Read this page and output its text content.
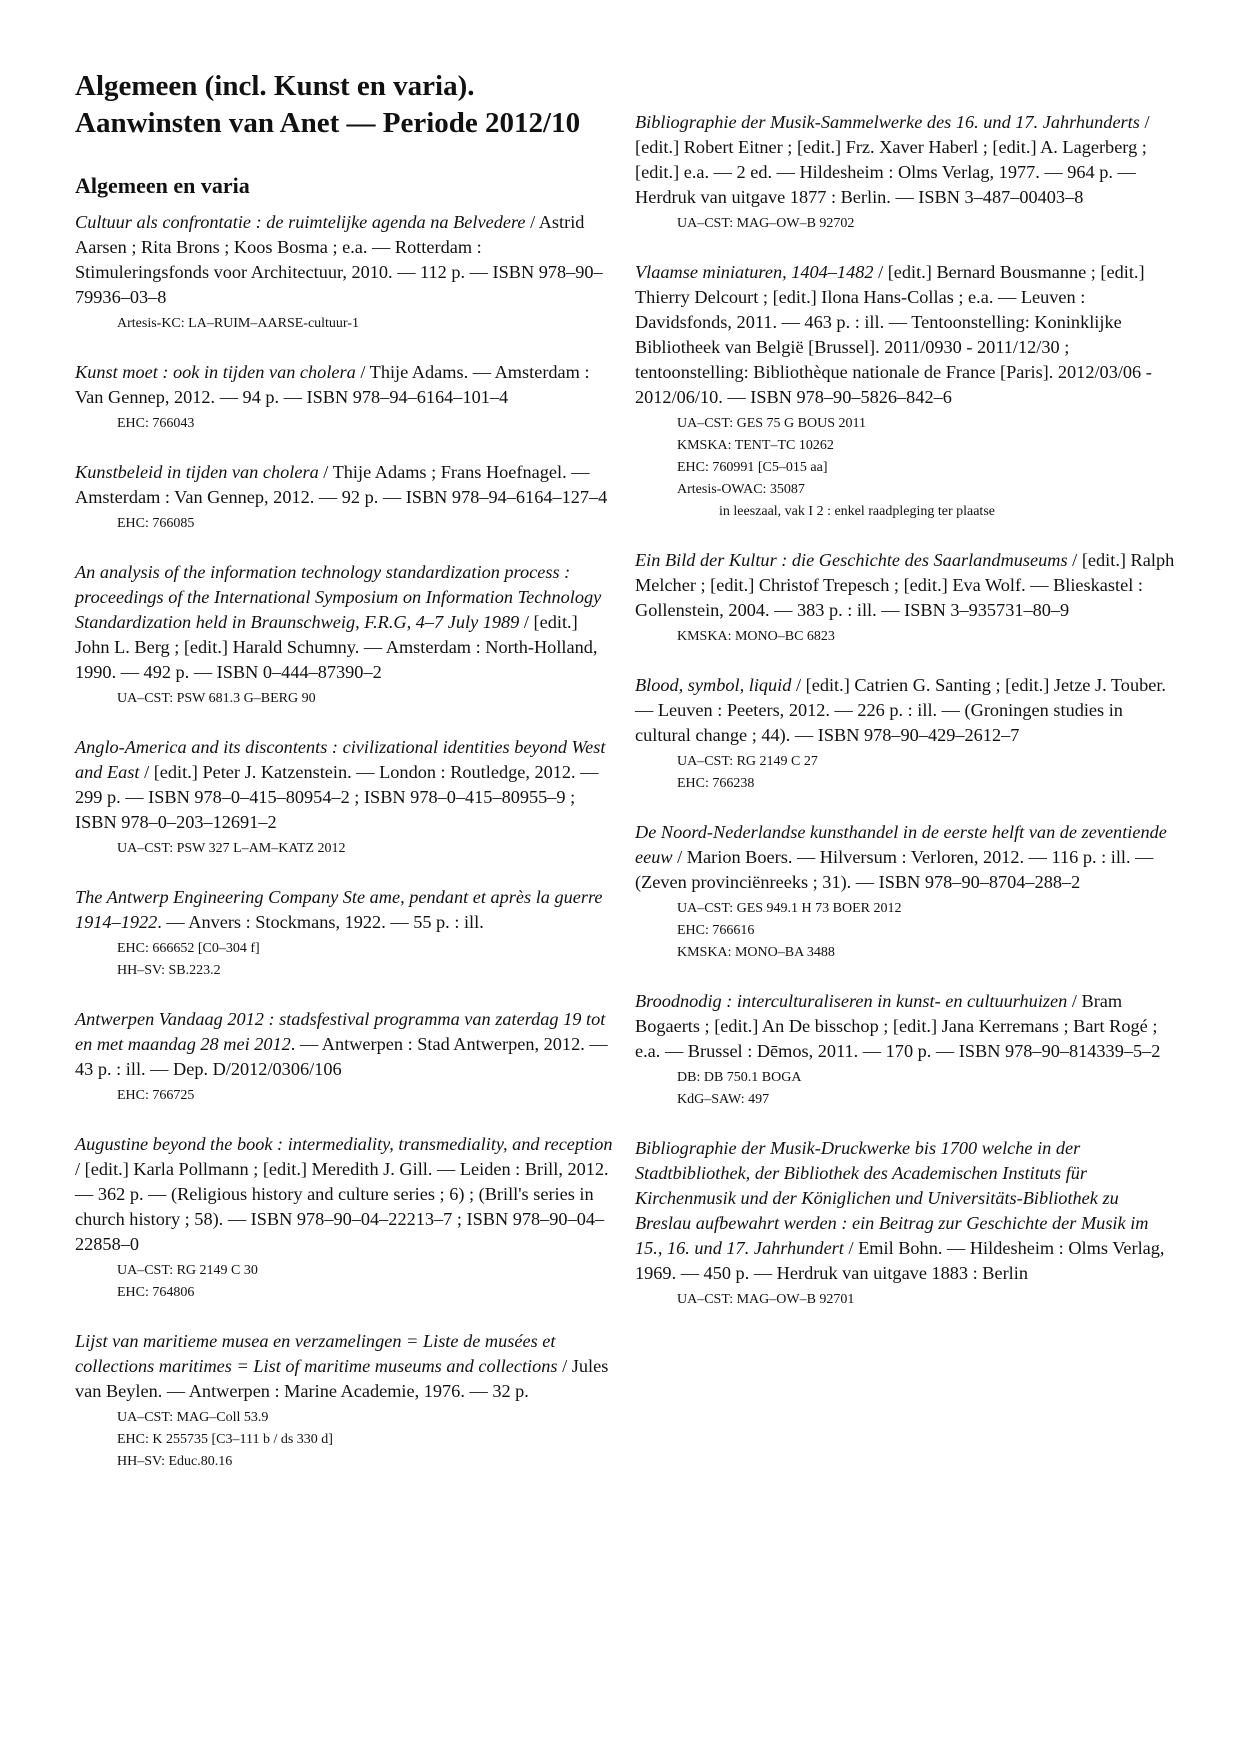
Algemeen (incl. Kunst en varia).
Aanwinsten van Anet — Periode 2012/10
Algemeen en varia

Cultuur als confrontatie : de ruimtelijke agenda na Belvedere / Astrid Aarsen ; Rita Brons ; Koos Bosma ; e.a. — Rotterdam : Stimuleringsfonds voor Architectuur, 2010. — 112 p. — ISBN 978–90–79936–03–8

Artesis-KC: LA–RUIM–AARSE-cultuur-1

Kunst moet : ook in tijden van cholera / Thije Adams. — Amsterdam : Van Gennep, 2012. — 94 p. — ISBN 978–94–6164–101–4

EHC: 766043

Kunstbeleid in tijden van cholera / Thije Adams ; Frans Hoefnagel. — Amsterdam : Van Gennep, 2012. — 92 p. — ISBN 978–94–6164–127–4

EHC: 766085

An analysis of the information technology standardization process : proceedings of the International Symposium on Information Technology Standardization held in Braunschweig, F.R.G, 4–7 July 1989 / [edit.] John L. Berg ; [edit.] Harald Schumny. — Amsterdam : North-Holland, 1990. — 492 p. — ISBN 0–444–87390–2

UA–CST: PSW 681.3 G–BERG 90

Anglo-America and its discontents : civilizational identities beyond West and East / [edit.] Peter J. Katzenstein. — London : Routledge, 2012. — 299 p. — ISBN 978–0–415–80954–2 ; ISBN 978–0–415–80955–9 ; ISBN 978–0–203–12691–2

UA–CST: PSW 327 L–AM–KATZ 2012

The Antwerp Engineering Company Ste ame, pendant et après la guerre 1914–1922. — Anvers : Stockmans, 1922. — 55 p. : ill.

EHC: 666652 [C0–304 f]
HH–SV: SB.223.2

Antwerpen Vandaag 2012 : stadsfestival programma van zaterdag 19 tot en met maandag 28 mei 2012. — Antwerpen : Stad Antwerpen, 2012. — 43 p. : ill. — Dep. D/2012/0306/106

EHC: 766725

Augustine beyond the book : intermediality, transmediality, and reception / [edit.] Karla Pollmann ; [edit.] Meredith J. Gill. — Leiden : Brill, 2012. — 362 p. — (Religious history and culture series ; 6) ; (Brill's series in church history ; 58). — ISBN 978–90–04–22213–7 ; ISBN 978–90–04–22858–0

UA–CST: RG 2149 C 30
EHC: 764806

Lijst van maritieme musea en verzamelingen = Liste de musées et collections maritimes = List of maritime museums and collections / Jules van Beylen. — Antwerpen : Marine Academie, 1976. — 32 p.

UA–CST: MAG–Coll 53.9
EHC: K 255735 [C3–111 b / ds 330 d]
HH–SV: Educ.80.16

Bibliographie der Musik-Sammelwerke des 16. und 17. Jahrhunderts / [edit.] Robert Eitner ; [edit.] Frz. Xaver Haberl ; [edit.] A. Lagerberg ; [edit.] e.a. — 2 ed. — Hildesheim : Olms Verlag, 1977. — 964 p. — Herdruk van uitgave 1877 : Berlin. — ISBN 3–487–00403–8

UA–CST: MAG–OW–B 92702

Vlaamse miniaturen, 1404–1482 / [edit.] Bernard Bousmanne ; [edit.] Thierry Delcourt ; [edit.] Ilona Hans-Collas ; e.a. — Leuven : Davidsfonds, 2011. — 463 p. : ill. — Tentoonstelling: Koninklijke Bibliotheek van België [Brussel]. 2011/0930 - 2011/12/30 ; tentoonstelling: Bibliothèque nationale de France [Paris]. 2012/03/06 - 2012/06/10. — ISBN 978–90–5826–842–6

UA–CST: GES 75 G BOUS 2011
KMSKA: TENT–TC 10262
EHC: 760991 [C5–015 aa]
Artesis-OWAC: 35087
in leeszaal, vak I 2 : enkel raadpleging ter plaatse

Ein Bild der Kultur : die Geschichte des Saarlandmuseums / [edit.] Ralph Melcher ; [edit.] Christof Trepesch ; [edit.] Eva Wolf. — Blieskastel : Gollenstein, 2004. — 383 p. : ill. — ISBN 3–935731–80–9

KMSKA: MONO–BC 6823

Blood, symbol, liquid / [edit.] Catrien G. Santing ; [edit.] Jetze J. Touber. — Leuven : Peeters, 2012. — 226 p. : ill. — (Groningen studies in cultural change ; 44). — ISBN 978–90–429–2612–7

UA–CST: RG 2149 C 27
EHC: 766238

De Noord-Nederlandse kunsthandel in de eerste helft van de zeventiende eeuw / Marion Boers. — Hilversum : Verloren, 2012. — 116 p. : ill. — (Zeven provinciënreeks ; 31). — ISBN 978–90–8704–288–2

UA–CST: GES 949.1 H 73 BOER 2012
EHC: 766616
KMSKA: MONO–BA 3488

Broodnodig : interculturaliseren in kunst- en cultuurhuizen / Bram Bogaerts ; [edit.] An De bisschop ; [edit.] Jana Kerremans ; Bart Rogé ; e.a. — Brussel : Dēmos, 2011. — 170 p. — ISBN 978–90–814339–5–2

DB: DB 750.1 BOGA
KdG–SAW: 497

Bibliographie der Musik-Druckwerke bis 1700 welche in der Stadtbibliothek, der Bibliothek des Academischen Instituts für Kirchenmusik und der Königlichen und Universitäts-Bibliothek zu Breslau aufbewahrt werden : ein Beitrag zur Geschichte der Musik im 15., 16. und 17. Jahrhundert / Emil Bohn. — Hildesheim : Olms Verlag, 1969. — 450 p. — Herdruk van uitgave 1883 : Berlin

UA–CST: MAG–OW–B 92701
